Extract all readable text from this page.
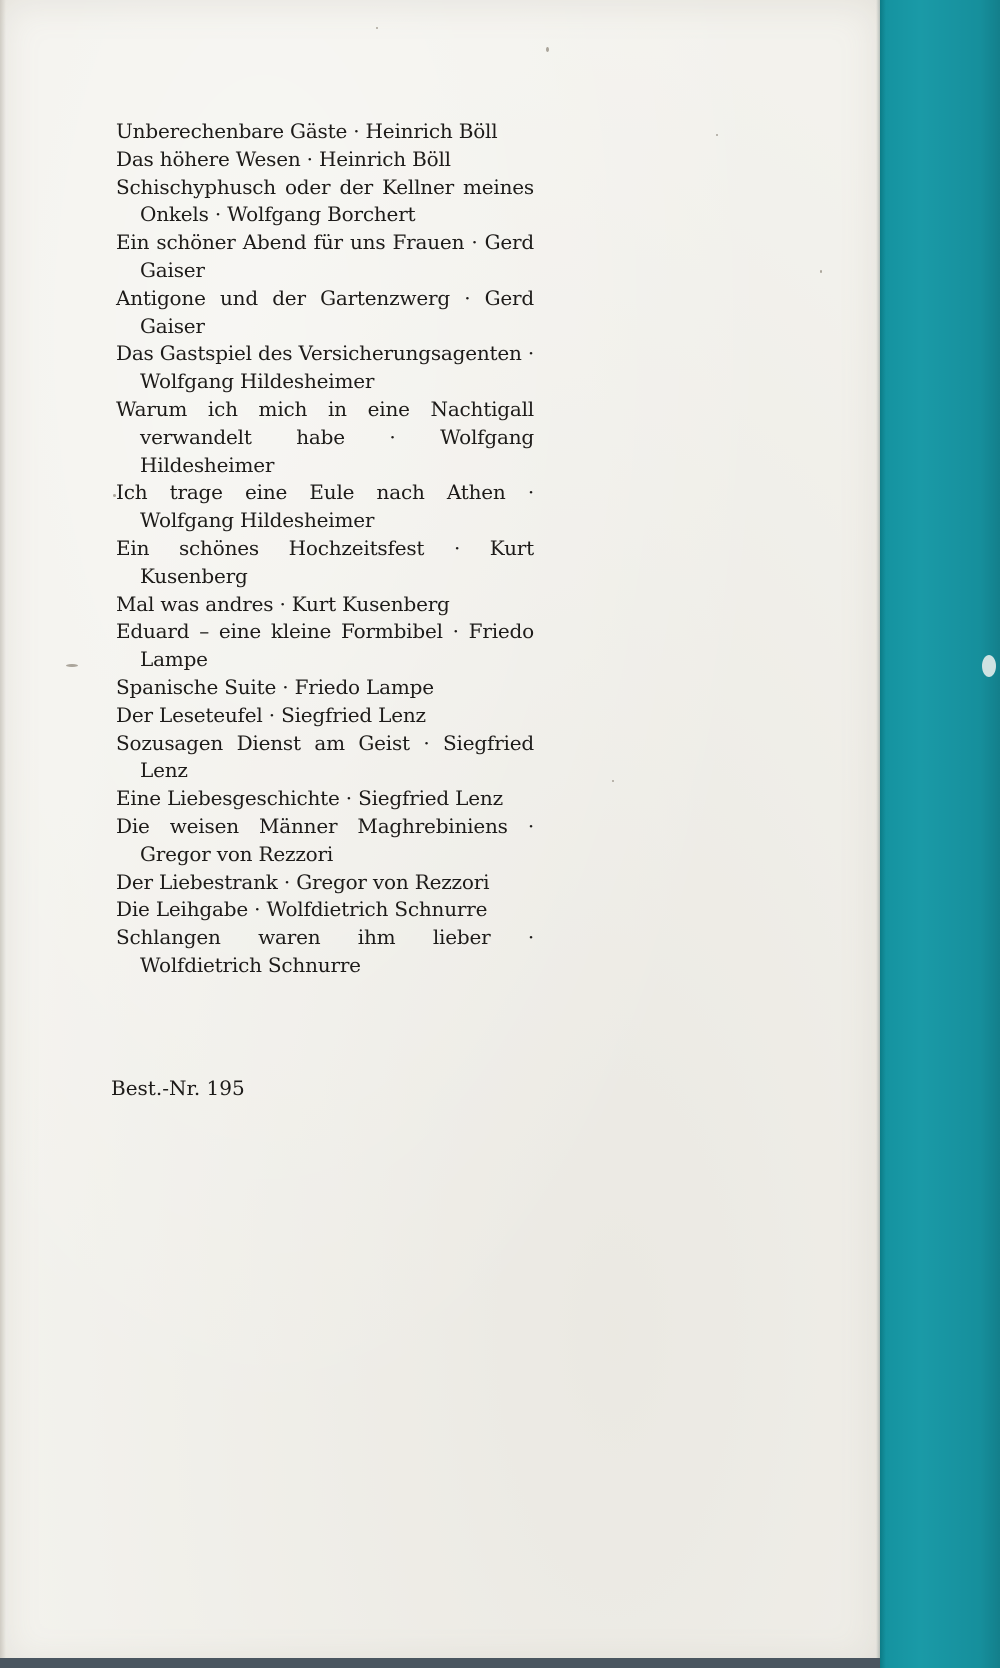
Unberechenbare Gäste · Heinrich Böll
Das höhere Wesen · Heinrich Böll
Schischyphusch oder der Kellner meines Onkels · Wolfgang Borchert
Ein schöner Abend für uns Frauen · Gerd Gaiser
Antigone und der Gartenzwerg · Gerd Gaiser
Das Gastspiel des Versicherungsagenten · Wolfgang Hildesheimer
Warum ich mich in eine Nachtigall verwandelt habe · Wolfgang Hildesheimer
Ich trage eine Eule nach Athen · Wolfgang Hildesheimer
Ein schönes Hochzeitsfest · Kurt Kusenberg
Mal was andres · Kurt Kusenberg
Eduard – eine kleine Formbibel · Friedo Lampe
Spanische Suite · Friedo Lampe
Der Leseteufel · Siegfried Lenz
Sozusagen Dienst am Geist · Siegfried Lenz
Eine Liebesgeschichte · Siegfried Lenz
Die weisen Männer Maghrebiniens · Gregor von Rezzori
Der Liebestrank · Gregor von Rezzori
Die Leihgabe · Wolfdietrich Schnurre
Schlangen waren ihm lieber · Wolfdietrich Schnurre

Best.-Nr. 195
